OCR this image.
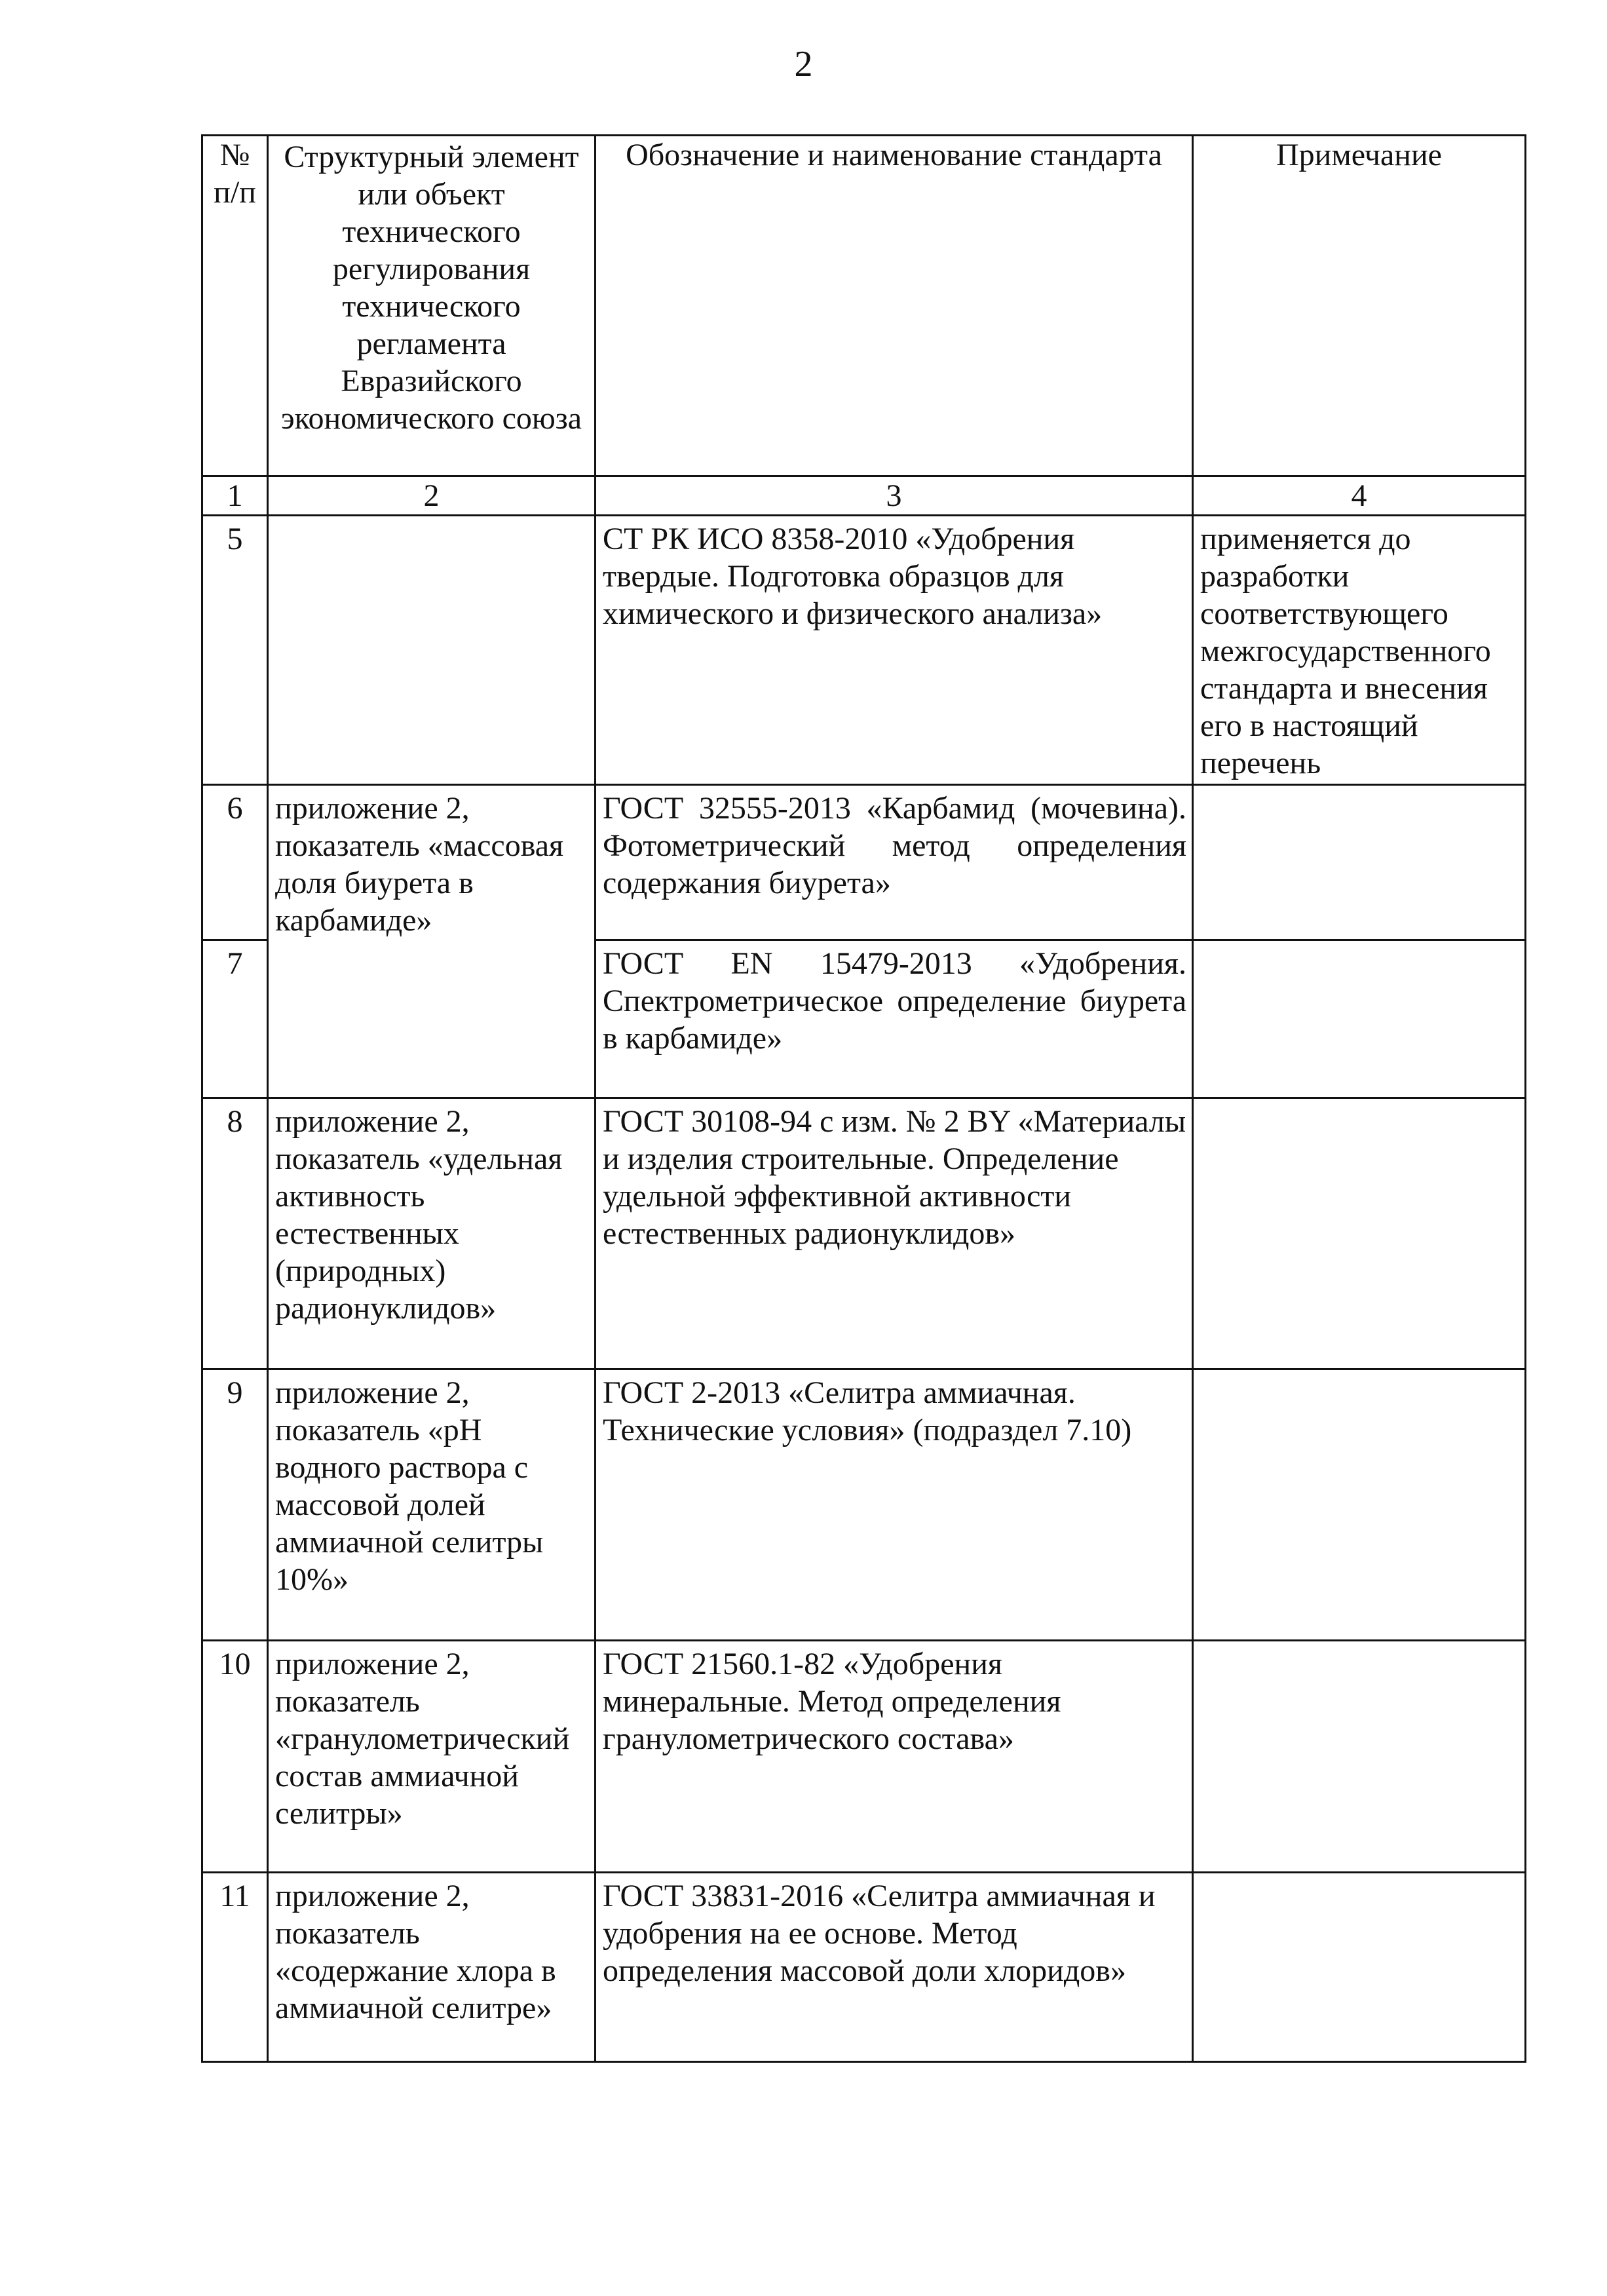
2
№
п/п	Структурный элемент или объект технического регулирования технического регламента Евразийского экономического союза	Обозначение и наименование стандарта	Примечание

1	2	3	4
5		СТ РК ИСО 8358-2010 «Удобрения твердые. Подготовка образцов для химического и физического анализа»	применяется до разработки соответствующего межгосударственного стандарта и внесения его в настоящий перечень
6	приложение 2, показатель «массовая доля биурета в карбамиде»	ГОСТ 32555-2013 «Карбамид (мочевина). Фотометрический метод определения содержания биурета»	
7		ГОСТ EN 15479-2013 «Удобрения. Спектрометрическое определение биурета в карбамиде»	
8	приложение 2, показатель «удельная активность естественных (природных) радионуклидов»	ГОСТ 30108-94 с изм. № 2 BY «Материалы и изделия строительные. Определение удельной эффективной активности естественных радионуклидов»	
9	приложение 2, показатель «pH водного раствора с массовой долей аммиачной селитры 10%»	ГОСТ 2-2013 «Селитра аммиачная. Технические условия» (подраздел 7.10)	
10	приложение 2, показатель «гранулометрический состав аммиачной селитры»	ГОСТ 21560.1-82 «Удобрения минеральные. Метод определения гранулометрического состава»	
11	приложение 2, показатель «содержание хлора в аммиачной селитре»	ГОСТ 33831-2016 «Селитра аммиачная и удобрения на ее основе. Метод определения массовой доли хлоридов»	
